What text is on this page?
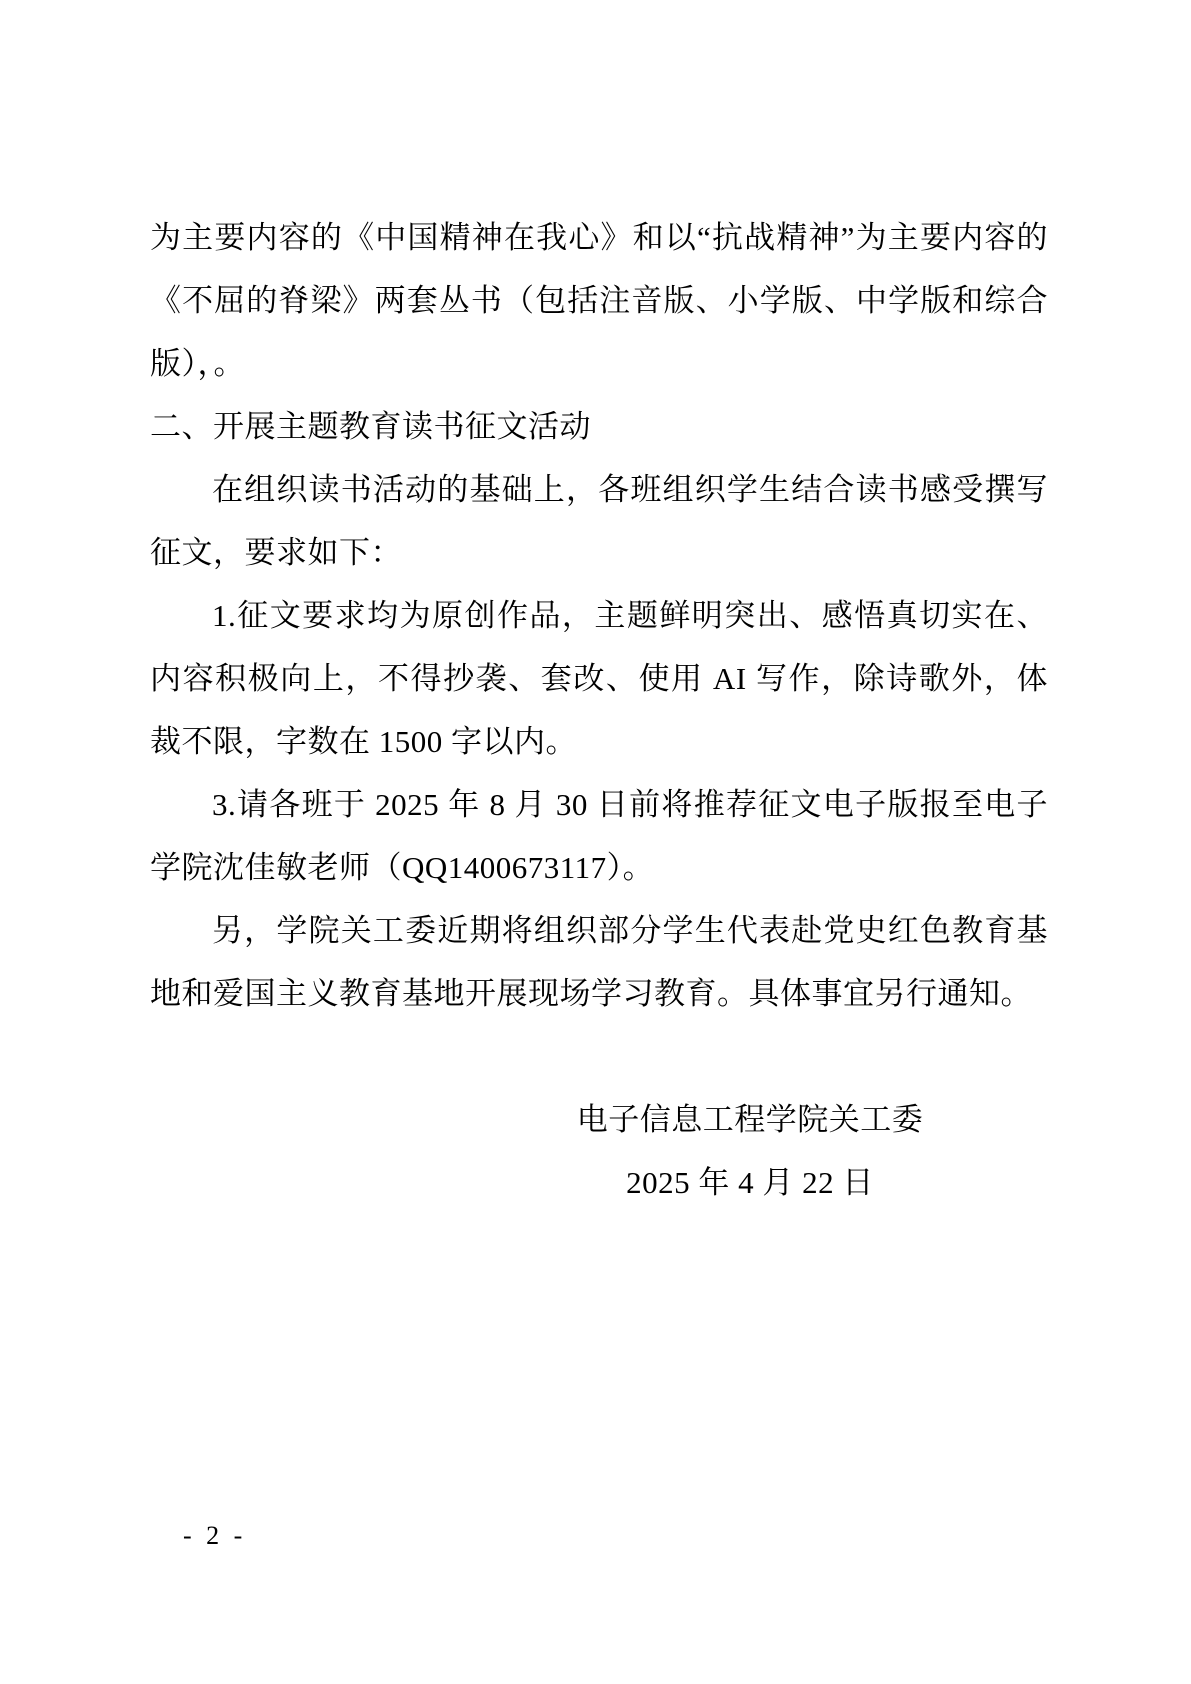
为主要内容的《中国精神在我心》和以“抗战精神”为主要内容的《不屈的脊梁》两套丛书（包括注音版、小学版、中学版和综合版），。

二、开展主题教育读书征文活动

在组织读书活动的基础上，各班组织学生结合读书感受撰写征文，要求如下：

1.征文要求均为原创作品，主题鲜明突出、感悟真切实在、内容积极向上，不得抄袭、套改、使用 AI 写作，除诗歌外，体裁不限，字数在 1500 字以内。

3.请各班于 2025 年 8 月 30 日前将推荐征文电子版报至电子学院沈佳敏老师（QQ1400673117）。

另，学院关工委近期将组织部分学生代表赴党史红色教育基地和爱国主义教育基地开展现场学习教育。具体事宜另行通知。

电子信息工程学院关工委
2025 年 4 月 22 日
- 2 -
